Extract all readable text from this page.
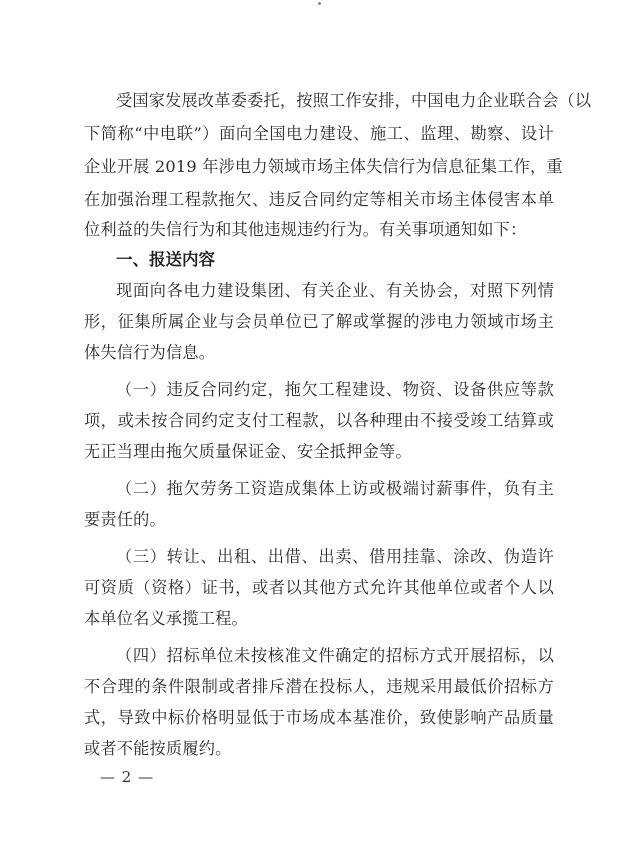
受国家发展改革委委托，按照工作安排，中国电力企业联合会（以
下简称“中电联”）面向全国电力建设、施工、监理、勘察、设计
企业开展 2019 年涉电力领域市场主体失信行为信息征集工作，重
在加强治理工程款拖欠、违反合同约定等相关市场主体侵害本单
位利益的失信行为和其他违规违约行为。有关事项通知如下：
一、报送内容
现面向各电力建设集团、有关企业、有关协会，对照下列情
形，征集所属企业与会员单位已了解或掌握的涉电力领域市场主
体失信行为信息。
（一）违反合同约定，拖欠工程建设、物资、设备供应等款
项，或未按合同约定支付工程款，以各种理由不接受竣工结算或
无正当理由拖欠质量保证金、安全抵押金等。
（二）拖欠劳务工资造成集体上访或极端讨薪事件，负有主
要责任的。
（三）转让、出租、出借、出卖、借用挂靠、涂改、伪造许
可资质（资格）证书，或者以其他方式允许其他单位或者个人以
本单位名义承揽工程。
（四）招标单位未按核准文件确定的招标方式开展招标，以
不合理的条件限制或者排斥潜在投标人，违规采用最低价招标方
式，导致中标价格明显低于市场成本基准价，致使影响产品质量
或者不能按质履约。
— 2 —
